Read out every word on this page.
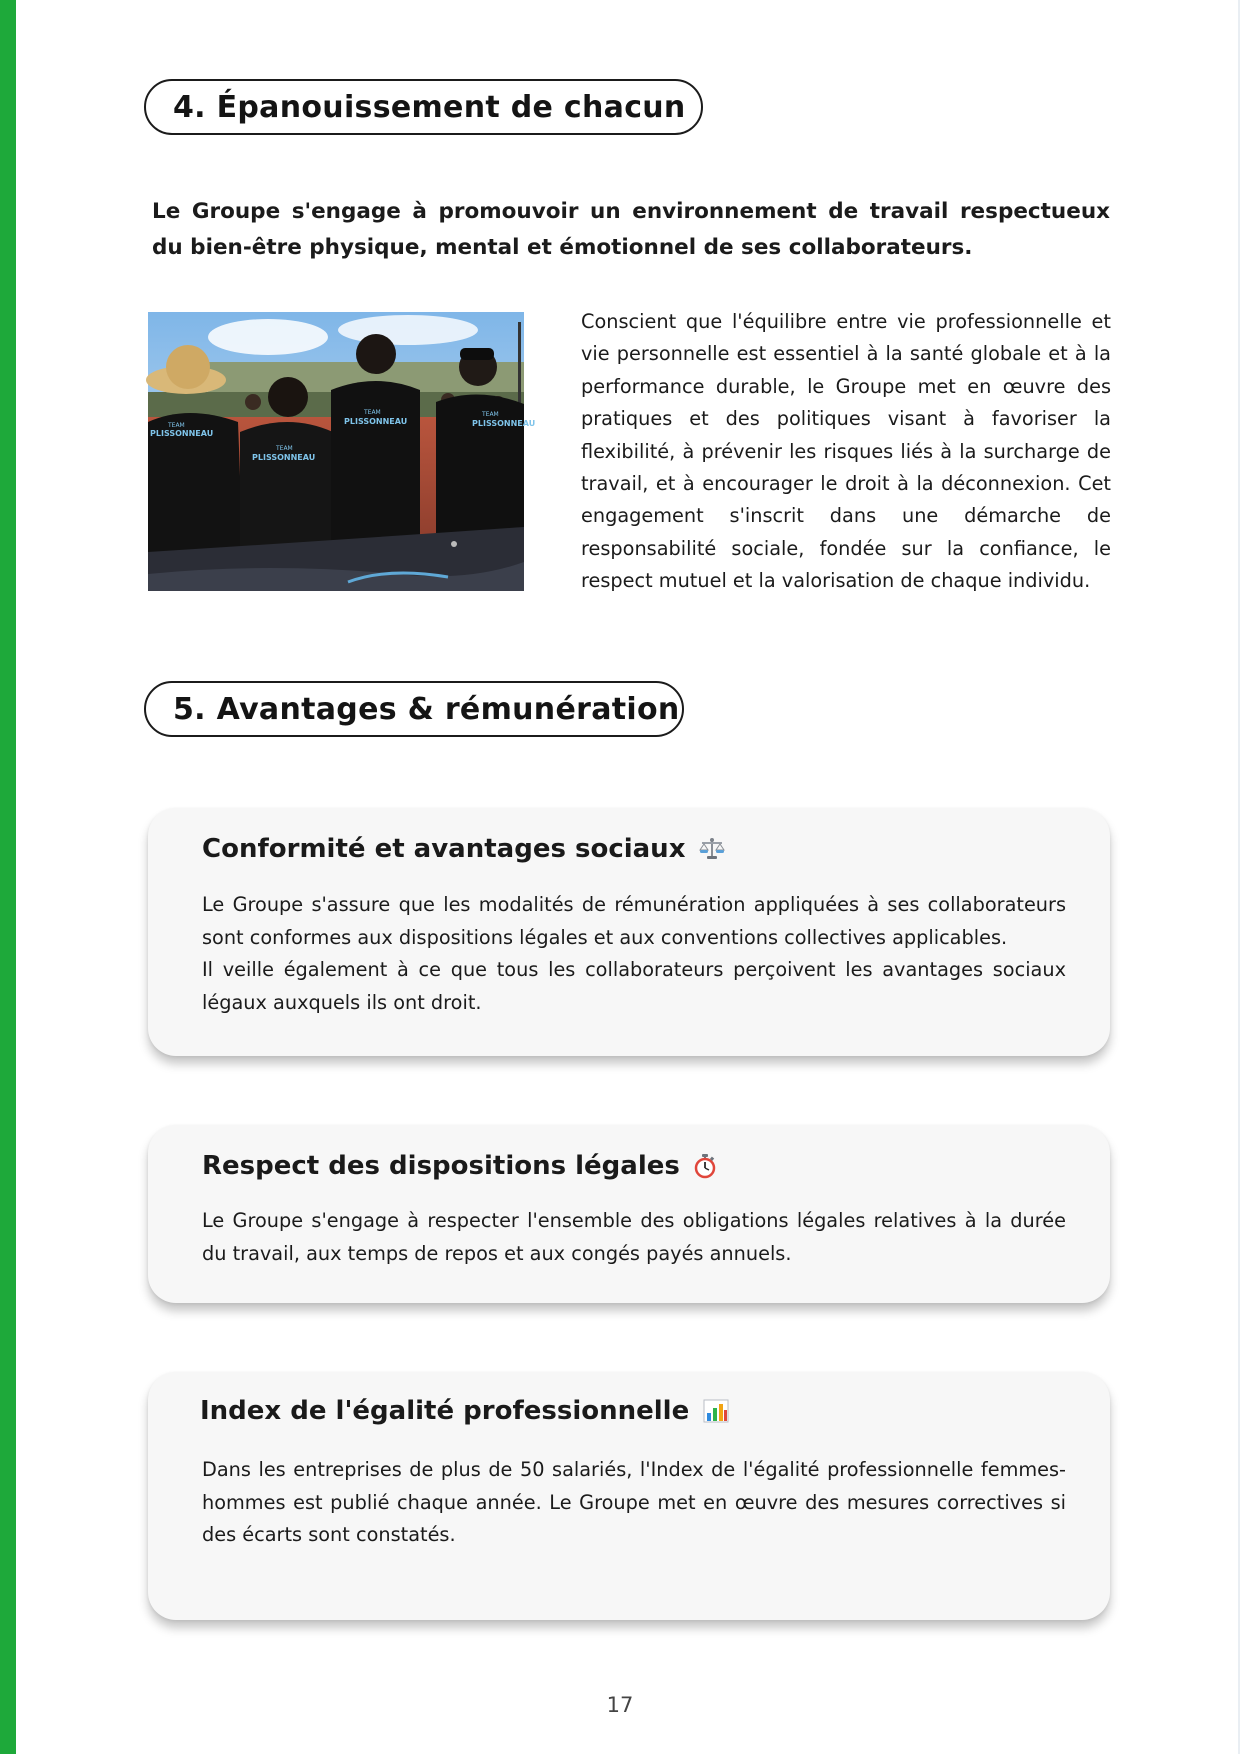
4. Épanouissement de chacun
Le Groupe s'engage à promouvoir un environnement de travail respectueux du bien-être physique, mental et émotionnel de ses collaborateurs.
TEAM
PLISSONNEAU
TEAM
PLISSONNEAU
TEAM
PLISSONNEAU
TEAM
PLISSONNEAU
Conscient que l'équilibre entre vie professionnelle et vie personnelle est essentiel à la santé globale et à la performance durable, le Groupe met en œuvre des pratiques et des politiques visant à favoriser la flexibilité, à prévenir les risques liés à la surcharge de travail, et à encourager le droit à la déconnexion. Cet engagement s'inscrit dans une démarche de responsabilité sociale, fondée sur la confiance, le respect mutuel et la valorisation de chaque individu.
5. Avantages & rémunération
Conformité et avantages sociaux
Le Groupe s'assure que les modalités de rémunération appliquées à ses collaborateurs sont conformes aux dispositions légales et aux conventions collectives applicables.
Il veille également à ce que tous les collaborateurs perçoivent les avantages sociaux légaux auxquels ils ont droit.
Respect des dispositions légales
Le Groupe s'engage à respecter l'ensemble des obligations légales relatives à la durée du travail, aux temps de repos et aux congés payés annuels.
Index de l'égalité professionnelle
Dans les entreprises de plus de 50 salariés, l'Index de l'égalité professionnelle femmes-hommes est publié chaque année. Le Groupe met en œuvre des mesures correctives si des écarts sont constatés.
17
